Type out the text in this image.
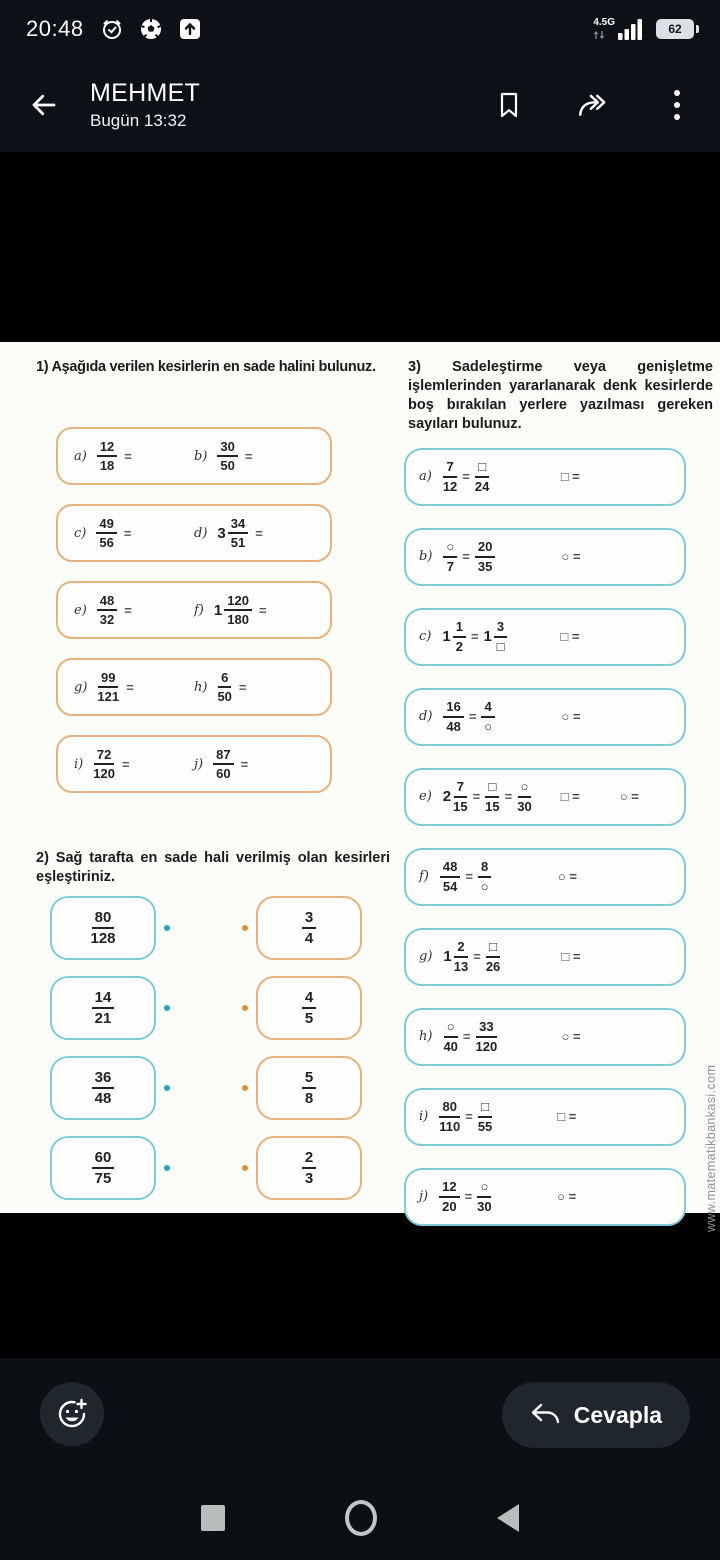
20:48	4.5G	62
MEHMET
Bugün 13:32
1) Aşağıda verilen kesirlerin en sade halini bulunuz.
$a) \frac{12}{18}$ =	$b) \frac{30}{50}$ =
$c) \frac{49}{56}$ =	d) $3 \frac{34}{51}$ =
$e) \frac{48}{32}$ =	f) $1 \frac{120}{180}$ =
$g) \frac{99}{121}$ =	$h) \frac{6}{50}$ =
$i) \frac{72}{120}$ =	$j) \frac{87}{60}$ =
2) Sağ tarafta en sade hali verilmiş olan kesirleri eşleştiriniz.
$\frac{80}{128}$	$\frac{3}{4}$
$\frac{14}{21}$	$\frac{4}{5}$
$\frac{36}{48}$	$\frac{5}{8}$
$\frac{60}{75}$	$\frac{2}{3}$
3) Sadeleştirme veya genişletme işlemlerinden yararlanarak denk kesirlerde boş bırakılan yerlere yazılması gereken sayıları bulunuz.
$a) \frac{7}{12} = \frac{□}{24}$	□ =
$b) \frac{○}{7} = \frac{20}{35}$	○ =
c) $1 \frac{1}{2} = 1 \frac{3}{□}$	□ =
$d) \frac{16}{48} = \frac{4}{○}$	○ =
e) $2 \frac{7}{15} = \frac{□}{15} = \frac{○}{30}$ □ =	○ =
$f) \frac{48}{54} = \frac{8}{○}$	○ =
g) $1 \frac{2}{13} = \frac{□}{26}$	□ =
$h) \frac{○}{40} = \frac{33}{120}$	○ =
$i) \frac{80}{110} = \frac{□}{55}$	□ =
$j) \frac{12}{20} = \frac{○}{30}$	○ =	www.matematikbankasi.com
Cevapla
